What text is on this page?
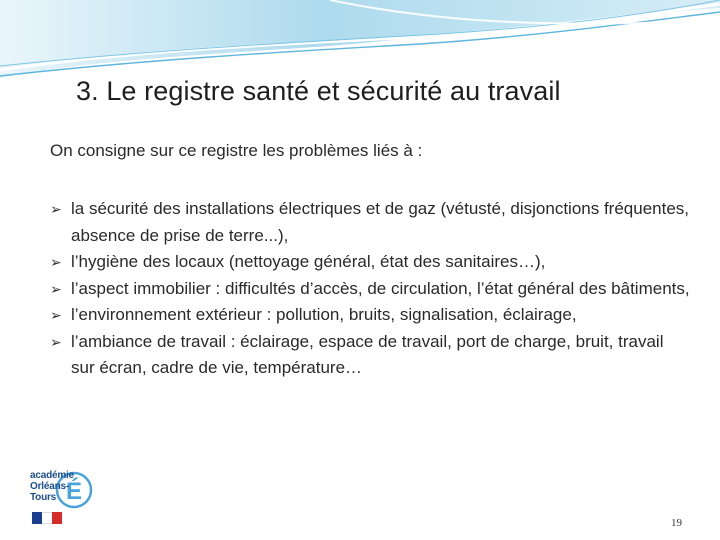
3. Le registre santé et sécurité au travail
On consigne sur ce registre les problèmes liés à :
➢ la sécurité des installations électriques et de gaz (vétusté, disjonctions fréquentes, absence de prise de terre...),
➢ l’hygiène des locaux (nettoyage général, état des sanitaires…),
➢ l’aspect immobilier : difficultés d’accès, de circulation, l’état général des bâtiments,
➢ l’environnement extérieur : pollution, bruits, signalisation, éclairage,
➢ l’ambiance de travail : éclairage, espace de travail, port de charge, bruit, travail sur écran, cadre de vie, température…
É
académie
Orléans-Tours
19
